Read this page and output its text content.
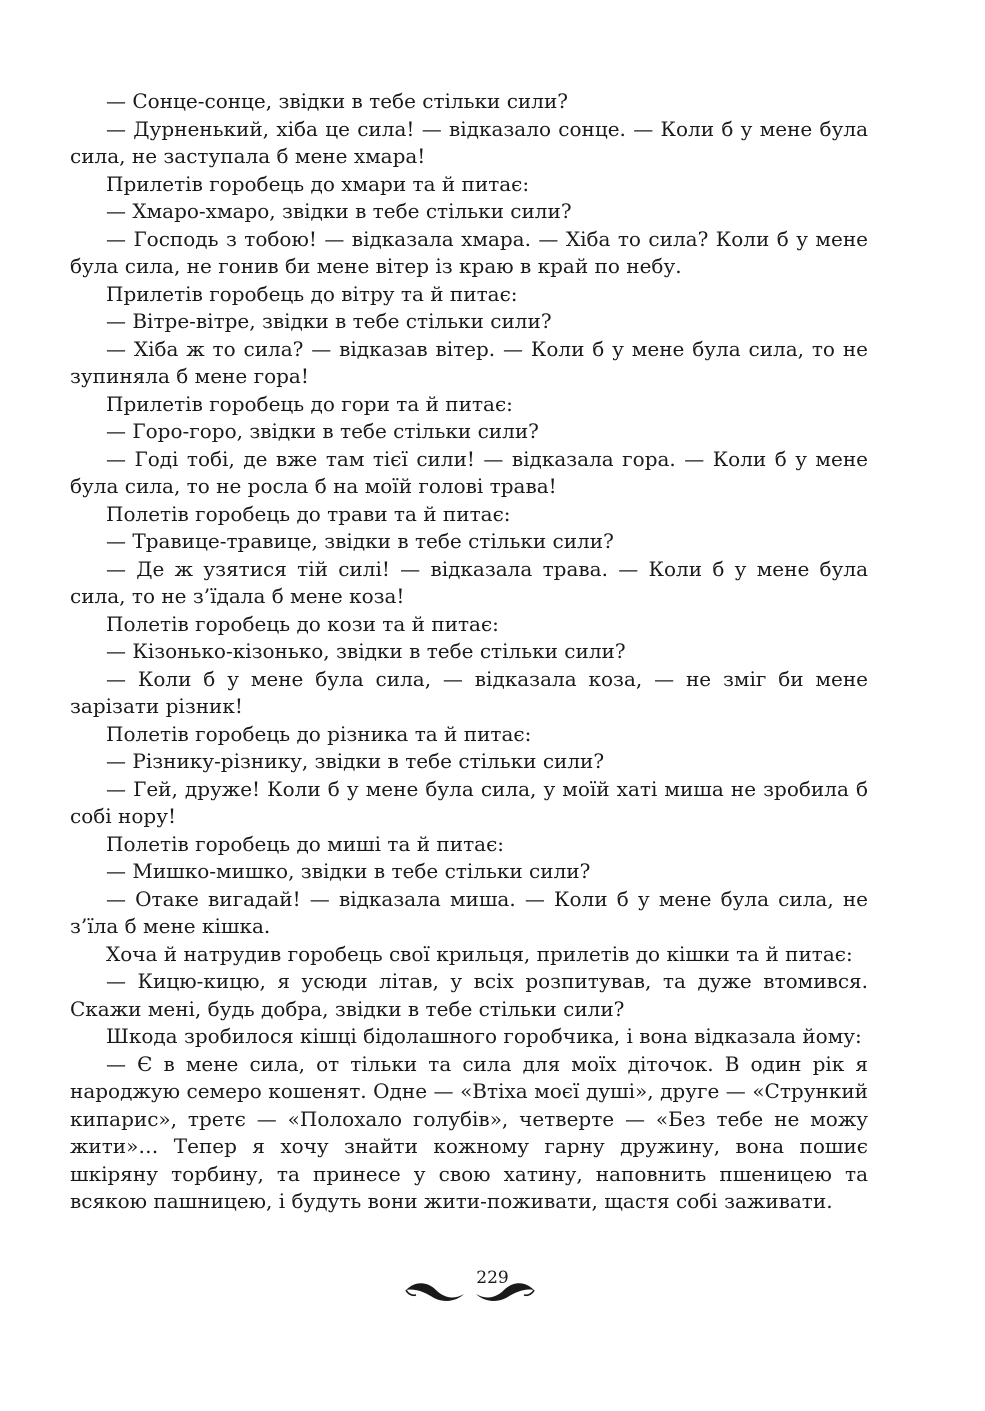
— Сонце-сонце, звідки в тебе стільки сили?

— Дурненький, хіба це сила! — відказало сонце. — Коли б у мене була сила, не заступала б мене хмара!

Прилетів горобець до хмари та й питає:

— Хмаро-хмаро, звідки в тебе стільки сили?

— Господь з тобою! — відказала хмара. — Хіба то сила? Коли б у мене була сила, не гонив би мене вітер із краю в край по небу.

Прилетів горобець до вітру та й питає:

— Вітре-вітре, звідки в тебе стільки сили?

— Хіба ж то сила? — відказав вітер. — Коли б у мене була сила, то не зупиняла б мене гора!

Прилетів горобець до гори та й питає:

— Горо-горо, звідки в тебе стільки сили?

— Годі тобі, де вже там тієї сили! — відказала гора. — Коли б у мене була сила, то не росла б на моїй голові трава!

Полетів горобець до трави та й питає:

— Травице-травице, звідки в тебе стільки сили?

— Де ж узятися тій силі! — відказала трава. — Коли б у мене була сила, то не з’їдала б мене коза!

Полетів горобець до кози та й питає:

— Кізонько-кізонько, звідки в тебе стільки сили?

— Коли б у мене була сила, — відказала коза, — не зміг би мене зарізати різник!

Полетів горобець до різника та й питає:

— Різнику-різнику, звідки в тебе стільки сили?

— Гей, друже! Коли б у мене була сила, у моїй хаті миша не зробила б собі нору!

Полетів горобець до миші та й питає:

— Мишко-мишко, звідки в тебе стільки сили?

— Отаке вигадай! — відказала миша. — Коли б у мене була сила, не з’їла б мене кішка.

Хоча й натрудив горобець свої крильця, прилетів до кішки та й питає:

— Кицю-кицю, я усюди літав, у всіх розпитував, та дуже втомився. Скажи мені, будь добра, звідки в тебе стільки сили?

Шкода зробилося кішці бідолашного горобчика, і вона відказала йому:

— Є в мене сила, от тільки та сила для моїх діточок. В один рік я народжую семеро кошенят. Одне — «Втіха моєї душі», друге — «Стрункий кипарис», третє — «Полохало голубів», четверте — «Без тебе не можу жити»… Тепер я хочу знайти кожному гарну дружину, вона пошиє шкіряну торбину, та принесе у свою хатину, наповнить пшеницею та всякою пашницею, і будуть вони жити-поживати, щастя собі заживати.

229
